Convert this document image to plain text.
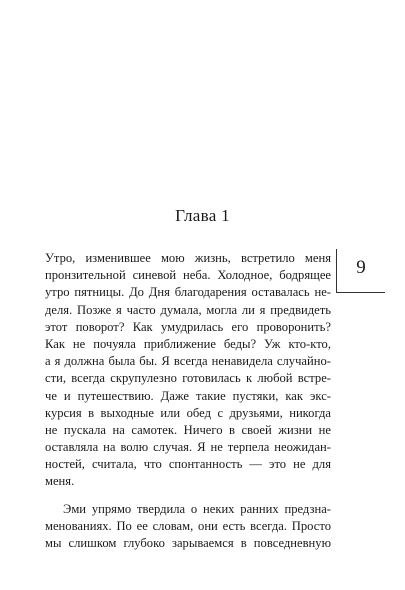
Глава 1
9
Утро, изменившее мою жизнь, встретило меня
пронзительной синевой неба. Холодное, бодрящее
утро пятницы. До Дня благодарения оставалась не-
деля. Позже я часто думала, могла ли я предвидеть
этот поворот? Как умудрилась его проворонить?
Как не почуяла приближение беды? Уж кто-кто,
а я должна была бы. Я всегда ненавидела случайно-
сти, всегда скрупулезно готовилась к любой встре-
че и путешествию. Даже такие пустяки, как экс-
курсия в выходные или обед с друзьями, никогда
не пускала на самотек. Ничего в своей жизни не
оставляла на волю случая. Я не терпела неожидан-
ностей, считала, что спонтанность — это не для
меня.
Эми упрямо твердила о неких ранних предзна-
менованиях. По ее словам, они есть всегда. Просто
мы слишком глубоко зарываемся в повседневную
